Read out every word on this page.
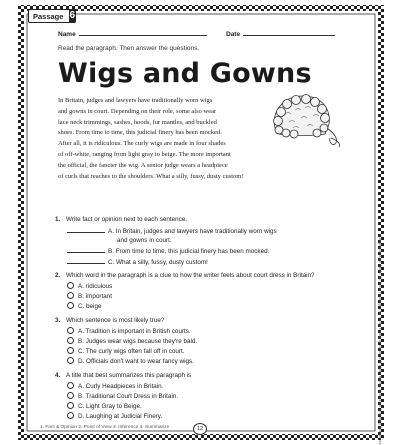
Passage 6
Name	Date
Read the paragraph. Then answer the questions.
Wigs and Gowns
In Britain, judges and lawyers have traditionally worn wigs
and gowns in court. Depending on their role, some also wear
lace neck trimmings, sashes, hoods, fur mantles, and buckled
shoes. From time to time, this judicial finery has been mocked.
After all, it is ridiculous. The curly wigs are made in four shades
of off-white, ranging from light gray to beige. The more important
the official, the fancier the wig. A senior judge wears a headpiece
of curls that reaches to the shoulders. What a silly, fussy, dusty custom!
1. Write fact or opinion next to each sentence.
A. In Britain, judges and lawyers have traditionally worn wigs
and gowns in court.
B. From time to time, this judicial finery has been mocked.
C. What a silly, fussy, dusty custom!
2. Which word in the paragraph is a clue to how the writer feels about court dress in Britain?
A. ridiculous
B. important
C. beige
3. Which sentence is most likely true?
A. Tradition is important in British courts.
B. Judges wear wigs because they're bald.
C. The curly wigs often fall off in court.
D. Officials don't want to wear fancy wigs.
4. A title that best summarizes this paragraph is
A. Curly Headpieces in Britain.
B. Traditional Court Dress in Britain.
C. Light Gray to Beige.
D. Laughing at Judicial Finery.
1. Fact & Opinion 2. Point of View 3. Inference 4. Summarize	12	Comprehension Skills: 40 Short Passages for Close Reading: Grade 5 © Linda Beech, Scholastic Teaching Resources
